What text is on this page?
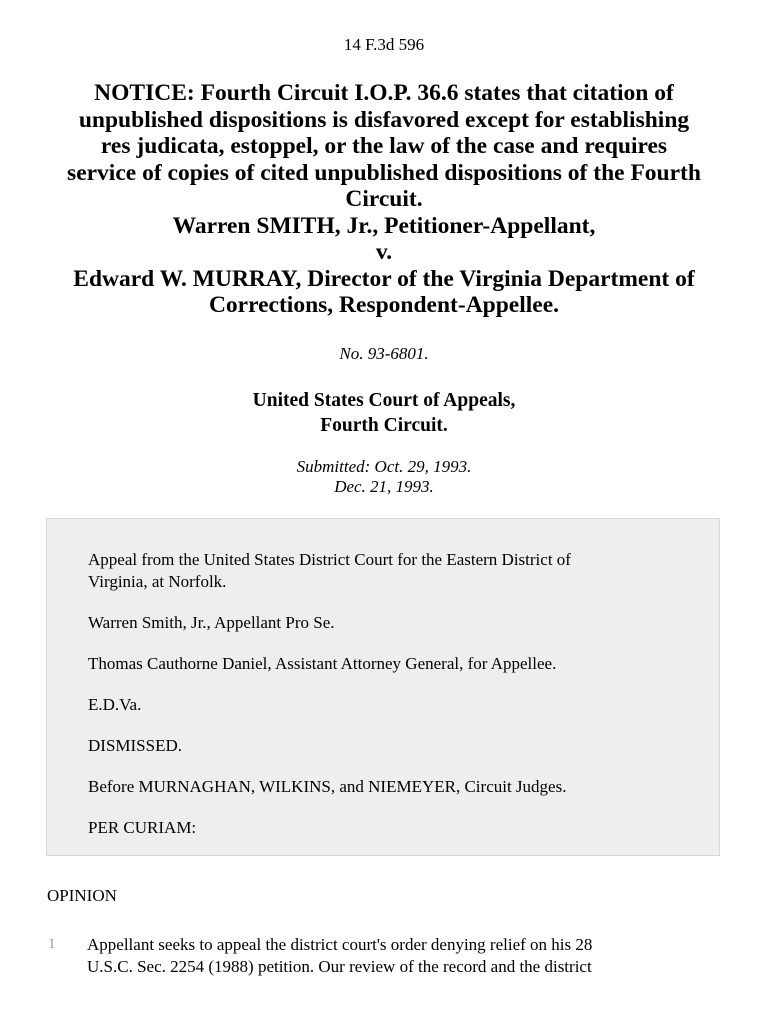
14 F.3d 596
NOTICE: Fourth Circuit I.O.P. 36.6 states that citation of
unpublished dispositions is disfavored except for establishing
res judicata, estoppel, or the law of the case and requires
service of copies of cited unpublished dispositions of the Fourth
Circuit.
Warren SMITH, Jr., Petitioner-Appellant,
v.
Edward W. MURRAY, Director of the Virginia Department of
Corrections, Respondent-Appellee.
No. 93-6801.
United States Court of Appeals,
Fourth Circuit.
Submitted: Oct. 29, 1993.
Dec. 21, 1993.
Appeal from the United States District Court for the Eastern District of
Virginia, at Norfolk.
Warren Smith, Jr., Appellant Pro Se.
Thomas Cauthorne Daniel, Assistant Attorney General, for Appellee.
E.D.Va.
DISMISSED.
Before MURNAGHAN, WILKINS, and NIEMEYER, Circuit Judges.
PER CURIAM:
OPINION
1 Appellant seeks to appeal the district court's order denying relief on his 28
U.S.C. Sec. 2254 (1988) petition. Our review of the record and the district
